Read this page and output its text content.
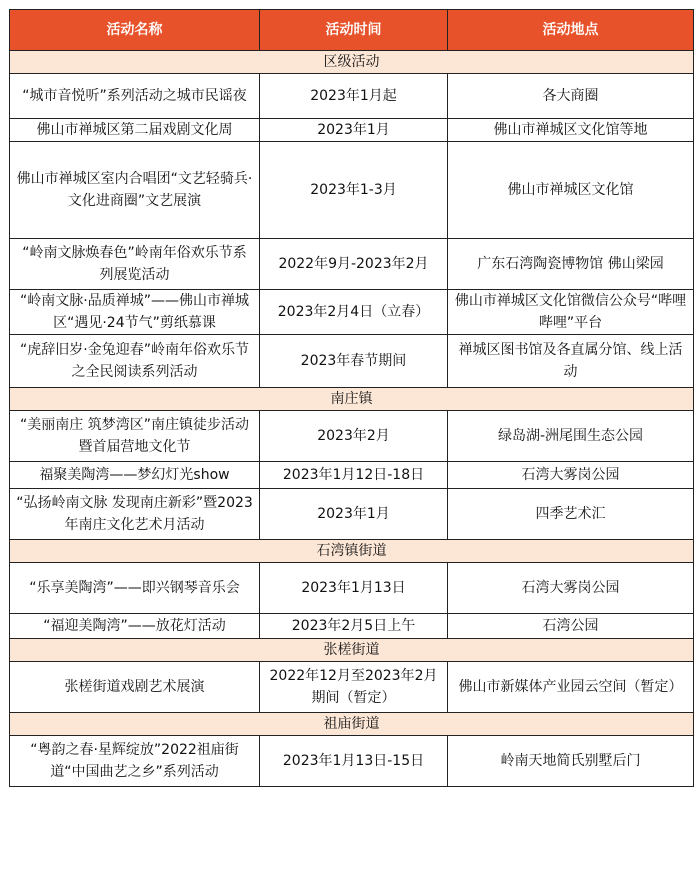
活动名称	活动时间	活动地点
区级活动		
“城市音悦听”系列活动之城市民谣夜	2023年1月起	各大商圈
佛山市禅城区第二届戏剧文化周	2023年1月	佛山市禅城区文化馆等地
佛山市禅城区室内合唱团“文艺轻骑兵·文化进商圈”文艺展演	2023年1-3月	佛山市禅城区文化馆
“岭南文脉焕春色”岭南年俗欢乐节系列展览活动	2022年9月-2023年2月	广东石湾陶瓷博物馆 佛山梁园
“岭南文脉·品质禅城”——佛山市禅城区“遇见·24节气”剪纸慕课	2023年2月4日（立春）	佛山市禅城区文化馆微信公众号“哔哩哔哩”平台
“虎辞旧岁·金兔迎春”岭南年俗欢乐节之全民阅读系列活动	2023年春节期间	禅城区图书馆及各直属分馆、线上活动
南庄镇		
“美丽南庄 筑梦湾区”南庄镇徒步活动暨首届营地文化节	2023年2月	绿岛湖-洲尾围生态公园
福聚美陶湾——梦幻灯光show	2023年1月12日-18日	石湾大雾岗公园
“弘扬岭南文脉 发现南庄新彩”暨2023年南庄文化艺术月活动	2023年1月	四季艺术汇
石湾镇街道		
“乐享美陶湾”——即兴钢琴音乐会	2023年1月13日	石湾大雾岗公园
“福迎美陶湾”——放花灯活动	2023年2月5日上午	石湾公园
张槎街道		
张槎街道戏剧艺术展演	2022年12月至2023年2月期间（暂定）	佛山市新媒体产业园云空间（暂定）
祖庙街道		
“粤韵之春·星辉绽放”2022祖庙街道“中国曲艺之乡”系列活动	2023年1月13日-15日	岭南天地简氏别墅后门
